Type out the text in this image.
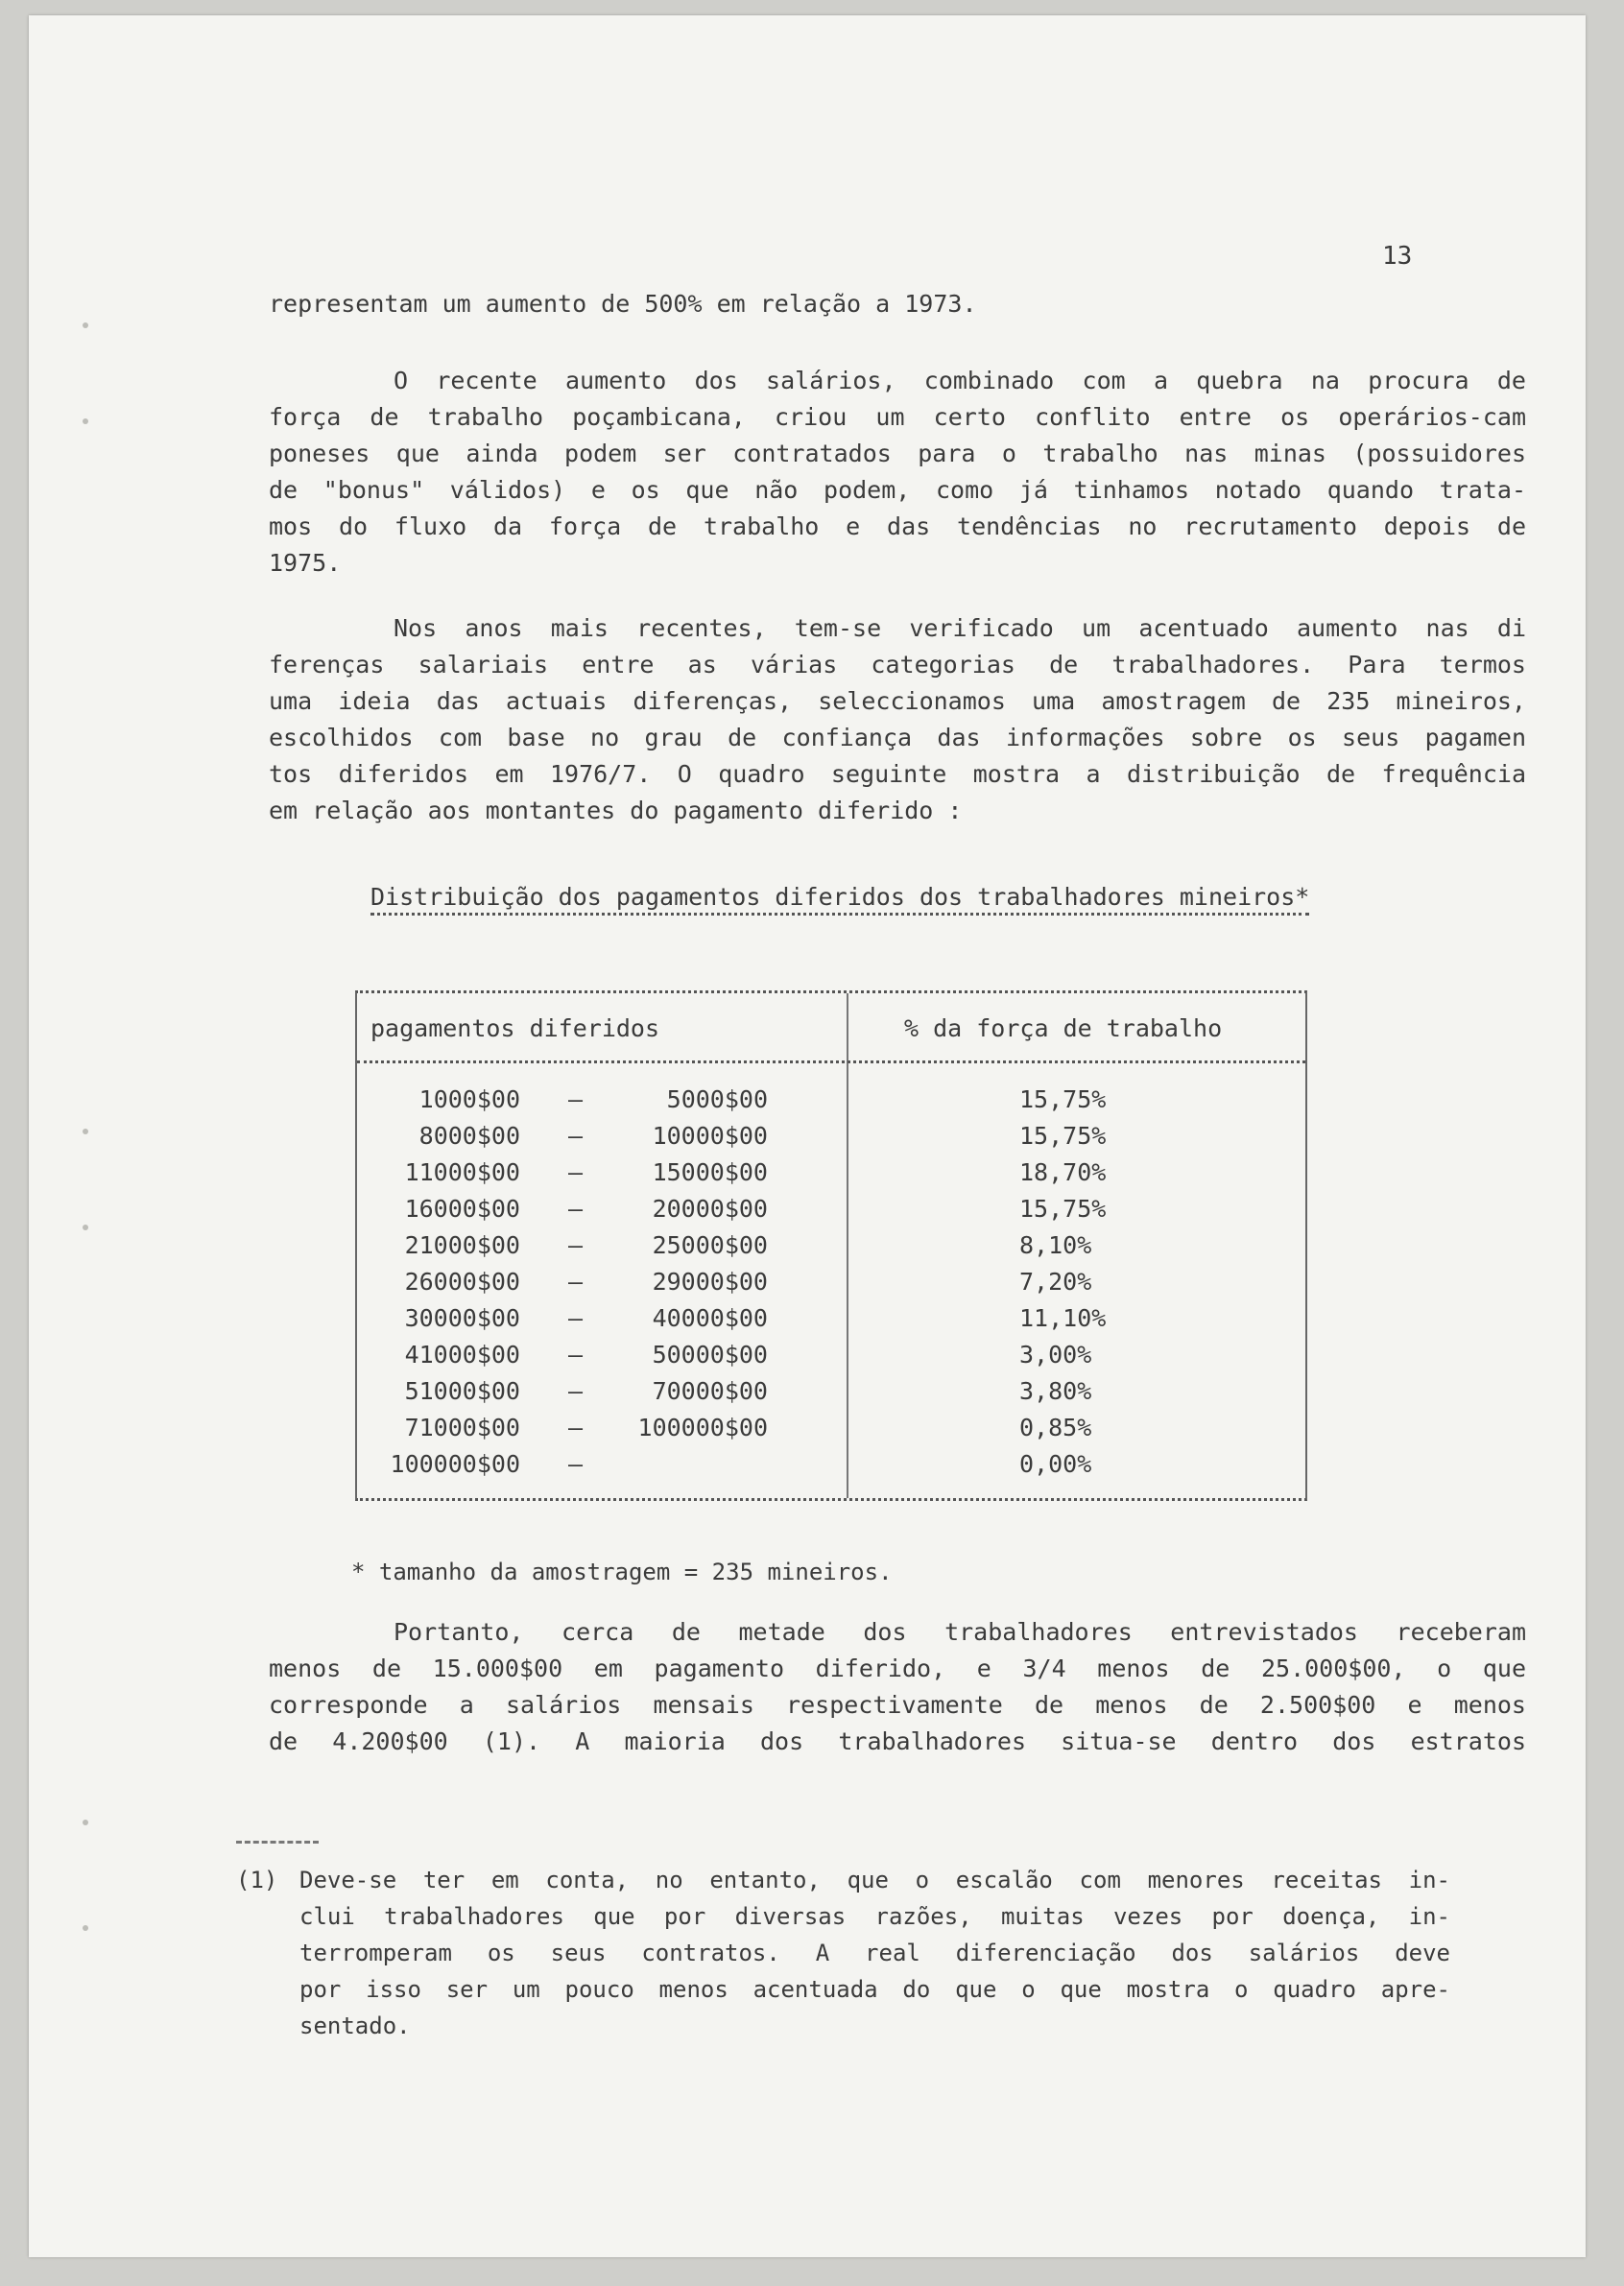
13
representam um aumento de 500% em relação a 1973.
O recente aumento dos salários, combinado com a quebra na procura de
força de trabalho poçambicana, criou um certo conflito entre os operários-cam
poneses que ainda podem ser contratados para o trabalho nas minas (possuidores
de "bonus" válidos) e os que não podem, como já tinhamos notado quando trata-
mos do fluxo da força de trabalho e das tendências no recrutamento depois de
1975.
Nos anos mais recentes, tem-se verificado um acentuado aumento nas di
ferenças salariais entre as várias categorias de trabalhadores. Para termos
uma ideia das actuais diferenças, seleccionamos uma amostragem de 235 mineiros,
escolhidos com base no grau de confiança das informações sobre os seus pagamen
tos diferidos em 1976/7. O quadro seguinte mostra a distribuição de frequência
em relação aos montantes do pagamento diferido :
Distribuição dos pagamentos diferidos dos trabalhadores mineiros*
pagamentos diferidos	% da força de trabalho
1000$00 –	5000$00	15,75%
8000$00 –	10000$00	15,75%
11000$00 –	15000$00	18,70%
16000$00 –	20000$00	15,75%
21000$00 –	25000$00	8,10%
26000$00 –	29000$00	7,20%
30000$00 –	40000$00	11,10%
41000$00 –	50000$00	3,00%
51000$00 –	70000$00	3,80%
71000$00 – 100000$00	0,85%
100000$00 –	0,00%
* tamanho da amostragem = 235 mineiros.
Portanto, cerca de metade dos trabalhadores entrevistados receberam
menos de 15.000$00 em pagamento diferido, e 3/4 menos de 25.000$00, o que
corresponde a salários mensais respectivamente de menos de 2.500$00 e menos
de 4.200$00 (1). A maioria dos trabalhadores situa-se dentro dos estratos
(1) Deve-se ter em conta, no entanto, que o escalão com menores receitas in-
clui trabalhadores que por diversas razões, muitas vezes por doença, in-
terromperam os seus contratos. A real diferenciação dos salários deve
por isso ser um pouco menos acentuada do que o que mostra o quadro apre-
sentado.
